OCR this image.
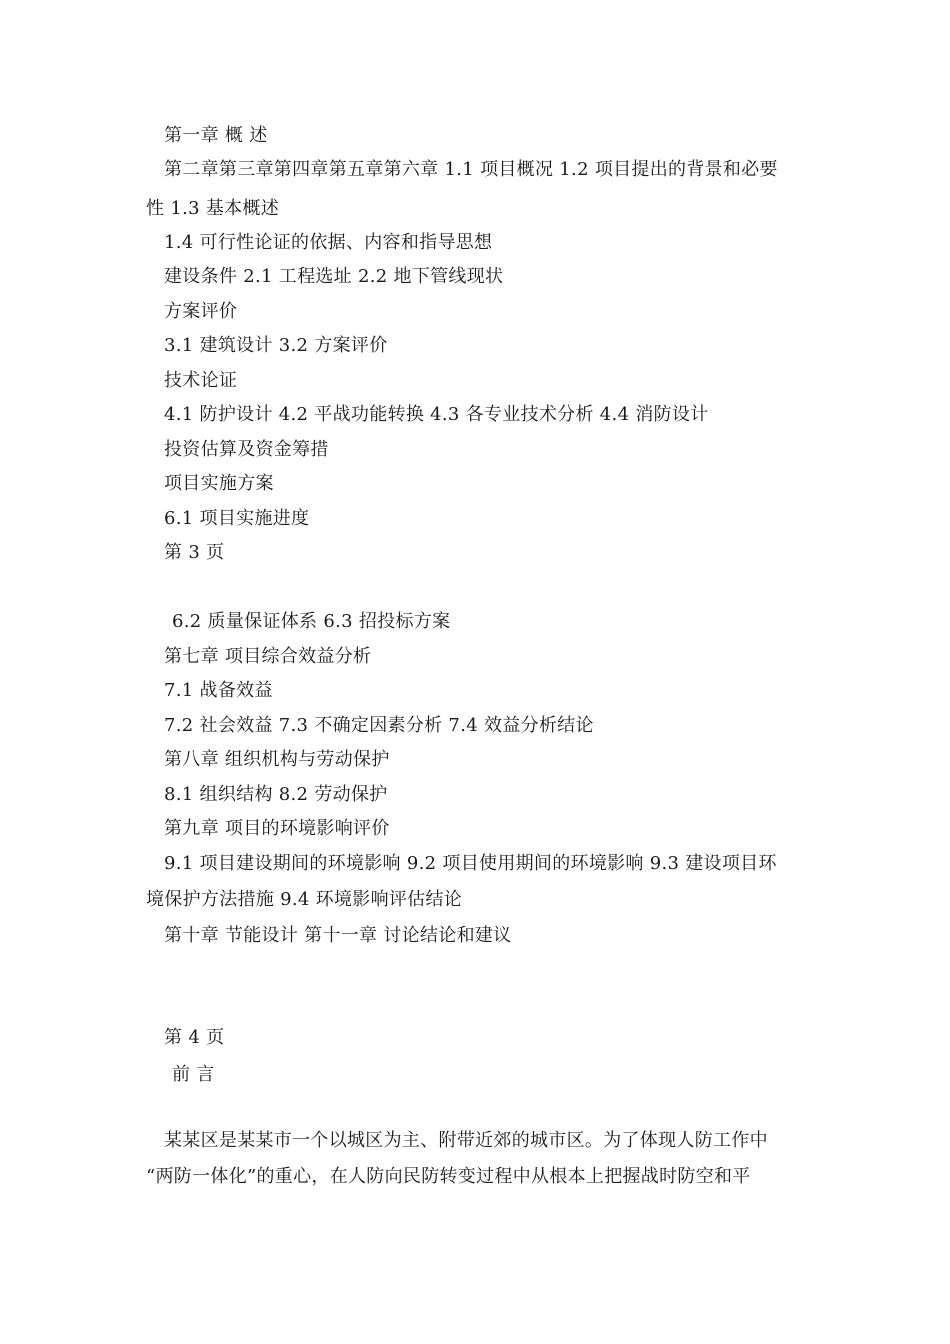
第一章 概 述
第二章第三章第四章第五章第六章 1.1 项目概况 1.2 项目提出的背景和必要
性 1.3 基本概述
1.4 可行性论证的依据、内容和指导思想
建设条件 2.1 工程选址 2.2 地下管线现状
方案评价
3.1 建筑设计 3.2 方案评价
技术论证
4.1 防护设计 4.2 平战功能转换 4.3 各专业技术分析 4.4 消防设计
投资估算及资金筹措
项目实施方案
6.1 项目实施进度
第 3 页
6.2 质量保证体系 6.3 招投标方案
第七章 项目综合效益分析
7.1 战备效益
7.2 社会效益 7.3 不确定因素分析 7.4 效益分析结论
第八章 组织机构与劳动保护
8.1 组织结构 8.2 劳动保护
第九章 项目的环境影响评价
9.1 项目建设期间的环境影响 9.2 项目使用期间的环境影响 9.3 建设项目环
境保护方法措施 9.4 环境影响评估结论
第十章 节能设计 第十一章 讨论结论和建议
第 4 页
前 言
某某区是某某市一个以城区为主、附带近郊的城市区。为了体现人防工作中
“两防一体化”的重心，在人防向民防转变过程中从根本上把握战时防空和平
